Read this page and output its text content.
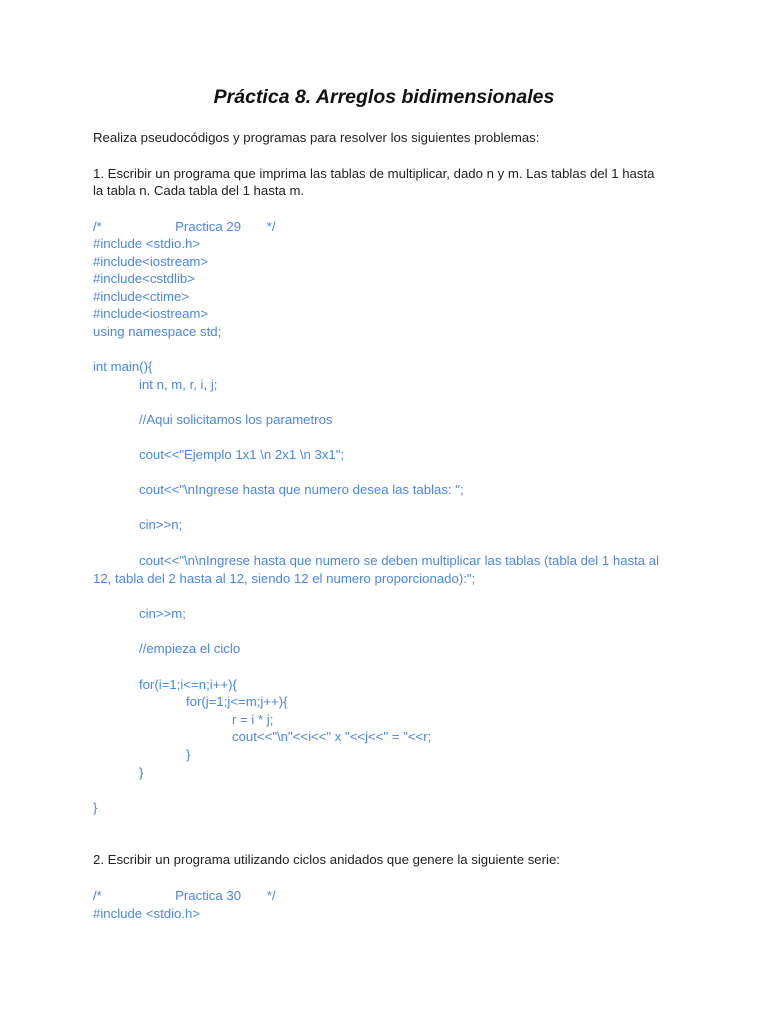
Práctica 8. Arreglos bidimensionales
Realiza pseudocódigos y programas para resolver los siguientes problemas:
1. Escribir un programa que imprima las tablas de multiplicar, dado n y m. Las tablas del 1 hasta
la tabla n. Cada tabla del 1 hasta m.
/*                    Practica 29       */
#include <stdio.h>
#include<iostream>
#include<cstdlib>
#include<ctime>
#include<iostream>
using namespace std;
int main(){
int n, m, r, i, j;
//Aqui solicitamos los parametros
cout<<"Ejemplo 1x1 \n 2x1 \n 3x1";
cout<<"\nIngrese hasta que numero desea las tablas: ";
cin>>n;
cout<<"\n\nIngrese hasta que numero se deben multiplicar las tablas (tabla del 1 hasta al
12, tabla del 2 hasta al 12, siendo 12 el numero proporcionado):";
cin>>m;
//empieza el ciclo
for(i=1;i<=n;i++){
for(j=1;j<=m;j++){
r = i * j;
cout<<"\n"<<i<<" x "<<j<<" = "<<r;
}
}
}
2. Escribir un programa utilizando ciclos anidados que genere la siguiente serie:
/*                    Practica 30       */
#include <stdio.h>
